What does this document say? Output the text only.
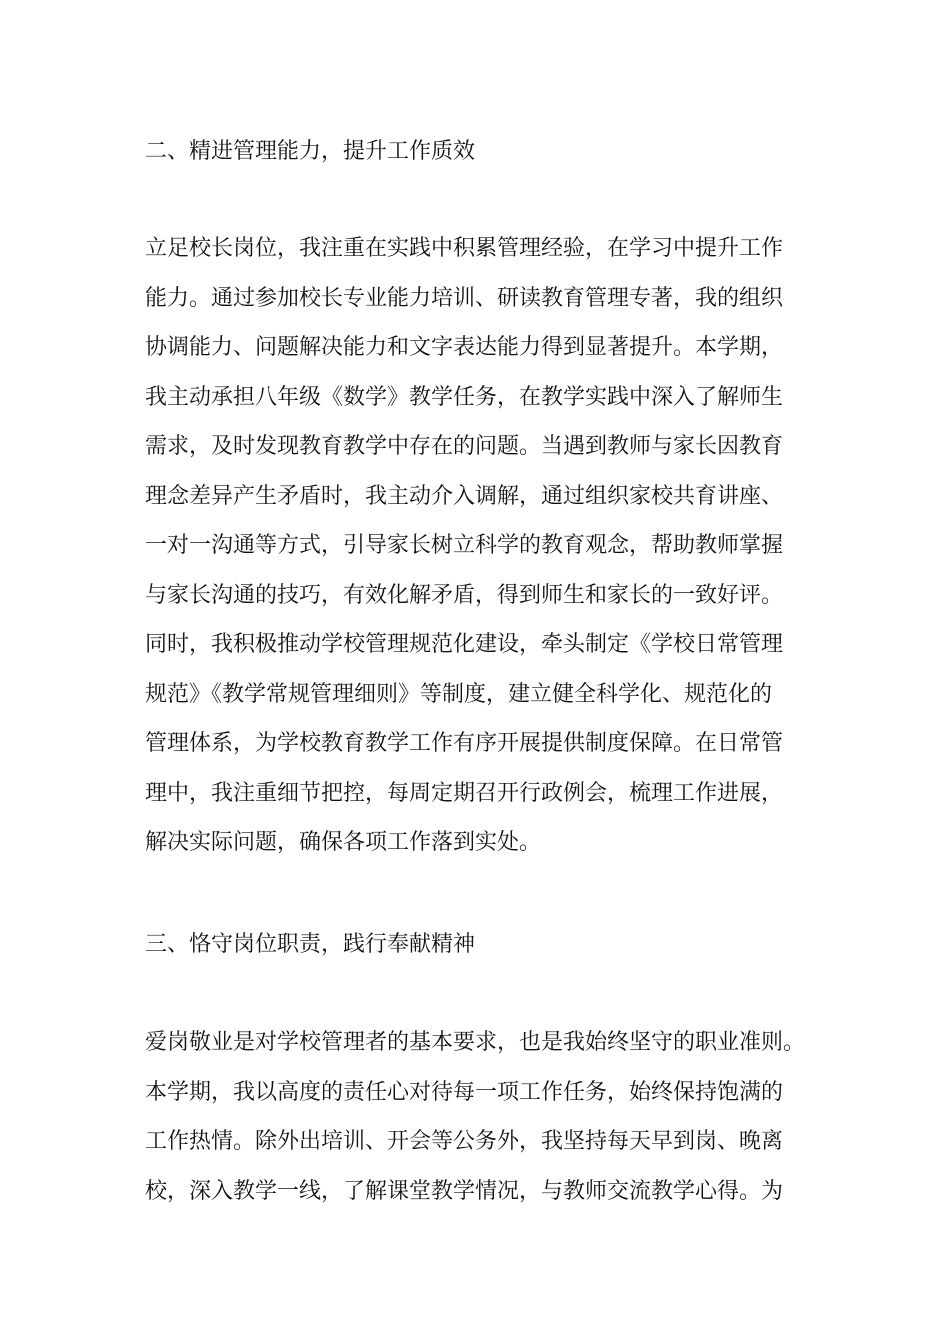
二、精进管理能力，提升工作质效
立足校长岗位，我注重在实践中积累管理经验，在学习中提升工作
能力。通过参加校长专业能力培训、研读教育管理专著，我的组织
协调能力、问题解决能力和文字表达能力得到显著提升。本学期，
我主动承担八年级《数学》教学任务，在教学实践中深入了解师生
需求，及时发现教育教学中存在的问题。当遇到教师与家长因教育
理念差异产生矛盾时，我主动介入调解，通过组织家校共育讲座、
一对一沟通等方式，引导家长树立科学的教育观念，帮助教师掌握
与家长沟通的技巧，有效化解矛盾，得到师生和家长的一致好评。
同时，我积极推动学校管理规范化建设，牵头制定《学校日常管理
规范》《教学常规管理细则》等制度，建立健全科学化、规范化的
管理体系，为学校教育教学工作有序开展提供制度保障。在日常管
理中，我注重细节把控，每周定期召开行政例会，梳理工作进展，
解决实际问题，确保各项工作落到实处。
三、恪守岗位职责，践行奉献精神
爱岗敬业是对学校管理者的基本要求，也是我始终坚守的职业准则。
本学期，我以高度的责任心对待每一项工作任务，始终保持饱满的
工作热情。除外出培训、开会等公务外，我坚持每天早到岗、晚离
校，深入教学一线，了解课堂教学情况，与教师交流教学心得。为
